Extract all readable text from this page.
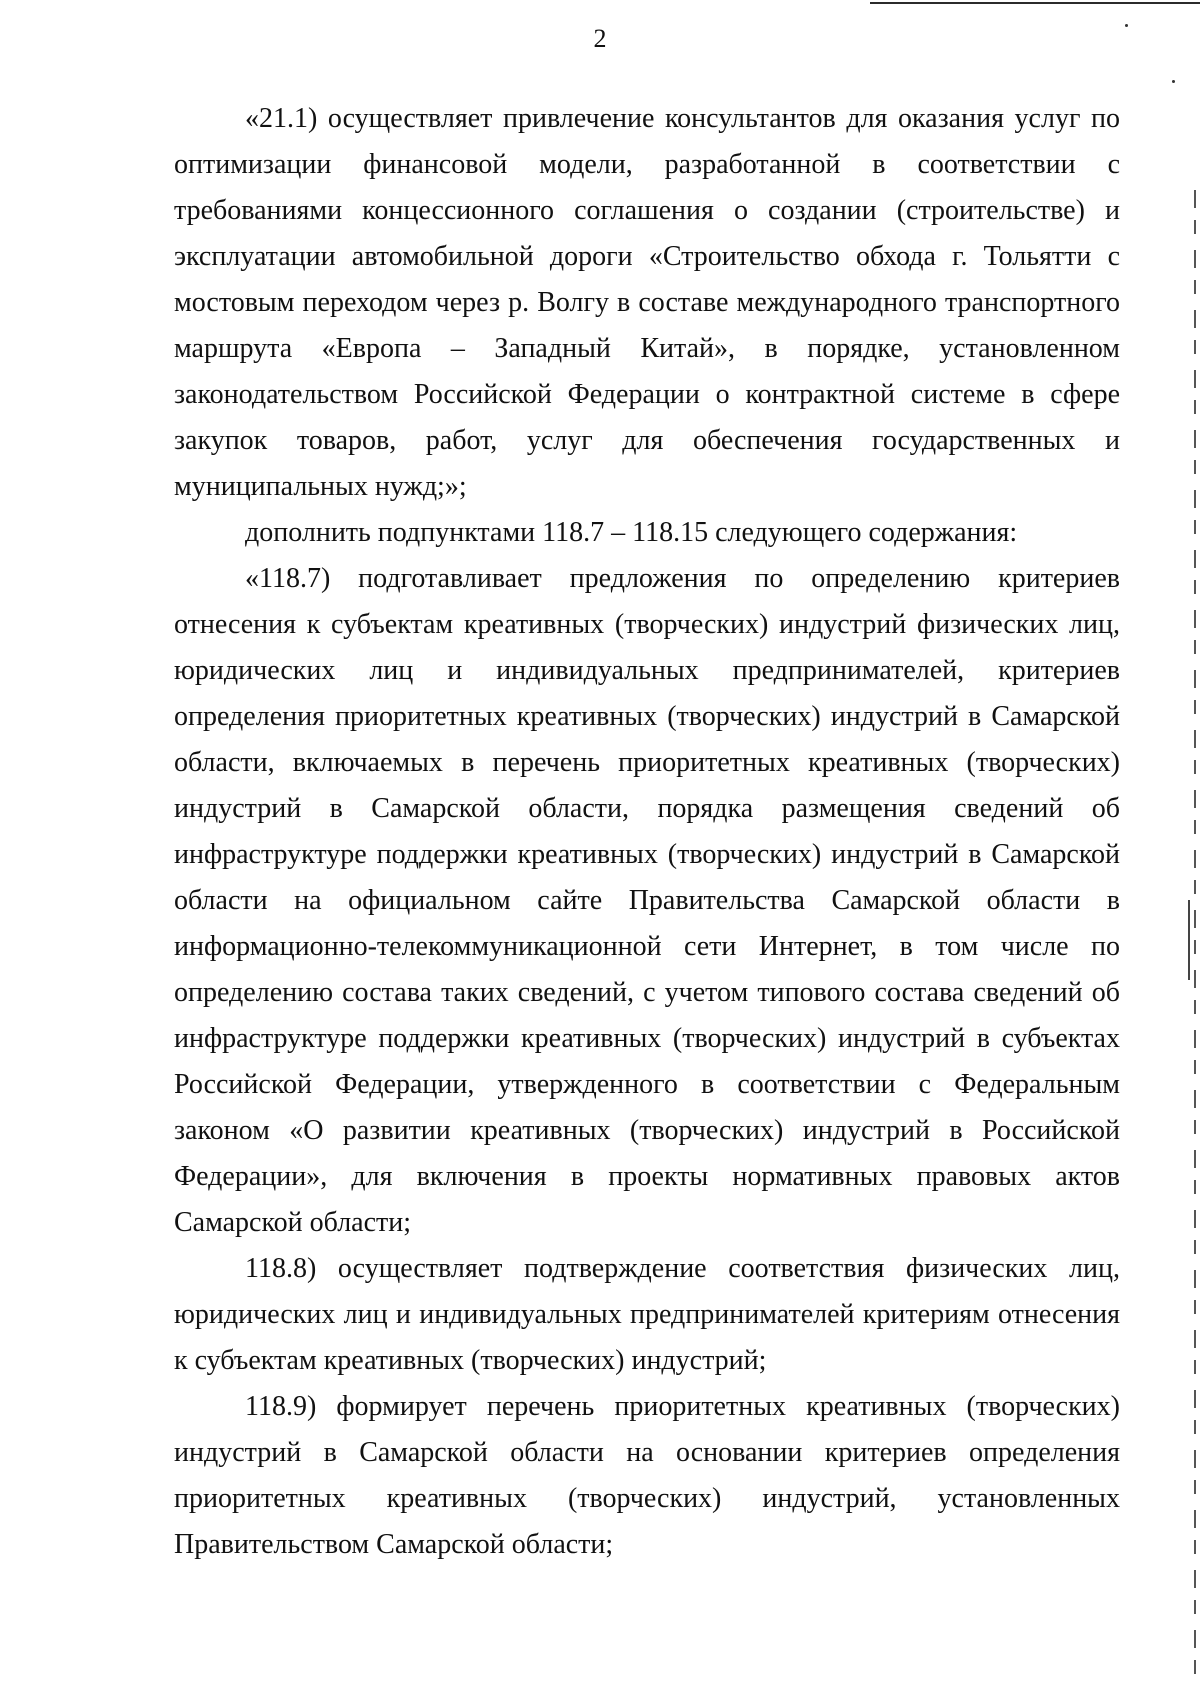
2

«21.1) осуществляет привлечение консультантов для оказания услуг по оптимизации финансовой модели, разработанной в соответствии с требованиями концессионного соглашения о создании (строительстве) и эксплуатации автомобильной дороги «Строительство обхода г. Тольятти с мостовым переходом через р. Волгу в составе международного транспортного маршрута «Европа – Западный Китай», в порядке, установленном законодательством Российской Федерации о контрактной системе в сфере закупок товаров, работ, услуг для обеспечения государственных и муниципальных нужд;»;

дополнить подпунктами 118.7 – 118.15 следующего содержания:

«118.7) подготавливает предложения по определению критериев отнесения к субъектам креативных (творческих) индустрий физических лиц, юридических лиц и индивидуальных предпринимателей, критериев определения приоритетных креативных (творческих) индустрий в Самарской области, включаемых в перечень приоритетных креативных (творческих) индустрий в Самарской области, порядка размещения сведений об инфраструктуре поддержки креативных (творческих) индустрий в Самарской области на официальном сайте Правительства Самарской области в информационно-телекоммуникационной сети Интернет, в том числе по определению состава таких сведений, с учетом типового состава сведений об инфраструктуре поддержки креативных (творческих) индустрий в субъектах Российской Федерации, утвержденного в соответствии с Федеральным законом «О развитии креативных (творческих) индустрий в Российской Федерации», для включения в проекты нормативных правовых актов Самарской области;

118.8) осуществляет подтверждение соответствия физических лиц, юридических лиц и индивидуальных предпринимателей критериям отнесения к субъектам креативных (творческих) индустрий;

118.9) формирует перечень приоритетных креативных (творческих) индустрий в Самарской области на основании критериев определения приоритетных креативных (творческих) индустрий, установленных Правительством Самарской области;
